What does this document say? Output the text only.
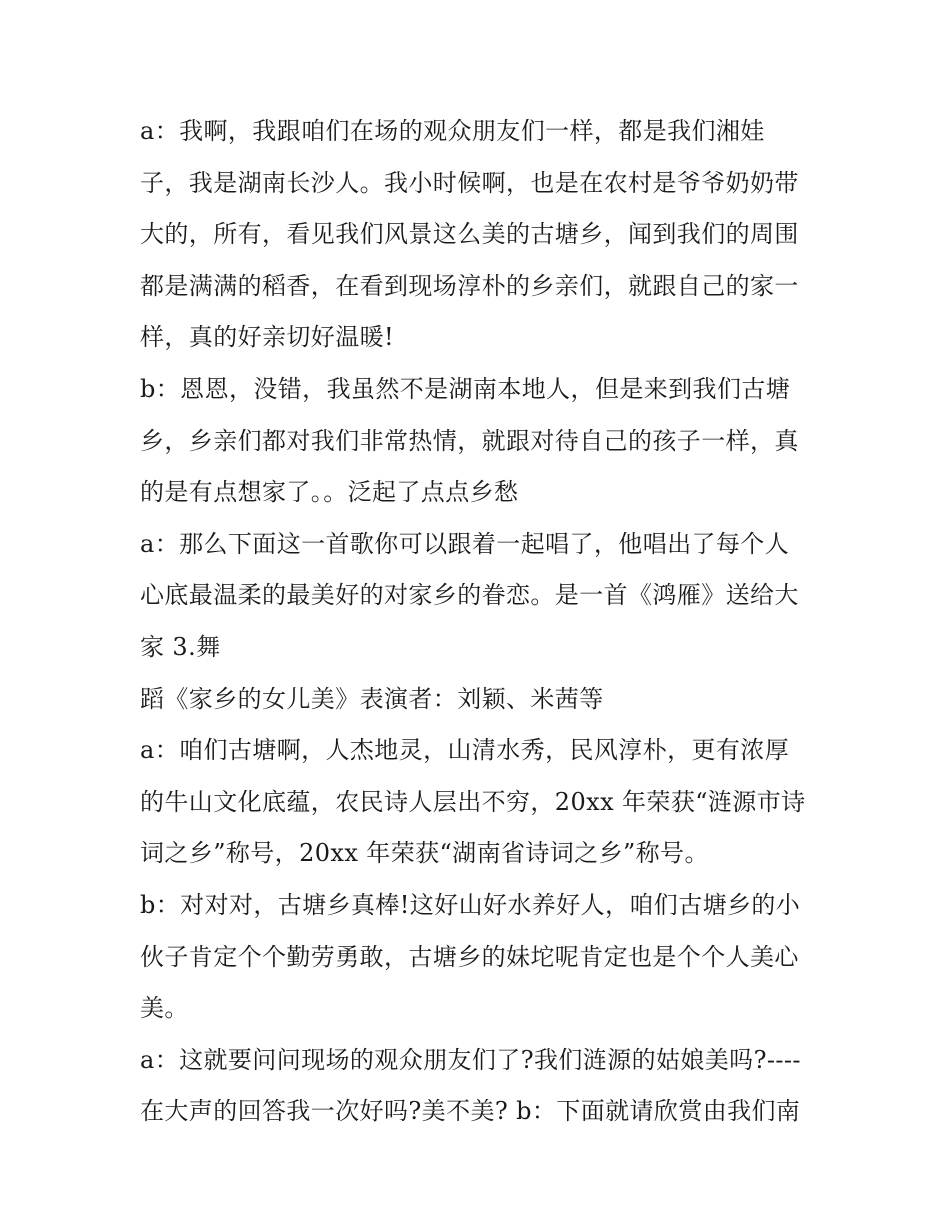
a：我啊，我跟咱们在场的观众朋友们一样，都是我们湘娃
子，我是湖南长沙人。我小时候啊，也是在农村是爷爷奶奶带
大的，所有，看见我们风景这么美的古塘乡，闻到我们的周围
都是满满的稻香，在看到现场淳朴的乡亲们，就跟自己的家一
样，真的好亲切好温暖!
b：恩恩，没错，我虽然不是湖南本地人，但是来到我们古塘
乡，乡亲们都对我们非常热情，就跟对待自己的孩子一样，真
的是有点想家了。。泛起了点点乡愁
a：那么下面这一首歌你可以跟着一起唱了，他唱出了每个人
心底最温柔的最美好的对家乡的眷恋。是一首《鸿雁》送给大
家 3.舞
蹈《家乡的女儿美》表演者：刘颖、米茜等
a：咱们古塘啊，人杰地灵，山清水秀，民风淳朴，更有浓厚
的牛山文化底蕴，农民诗人层出不穷，20xx 年荣获“涟源市诗
词之乡”称号，20xx 年荣获“湖南省诗词之乡”称号。
b：对对对，古塘乡真棒!这好山好水养好人，咱们古塘乡的小
伙子肯定个个勤劳勇敢，古塘乡的妹坨呢肯定也是个个人美心
美。
a：这就要问问现场的观众朋友们了?我们涟源的姑娘美吗?----
在大声的回答我一次好吗?美不美? b：下面就请欣赏由我们南
